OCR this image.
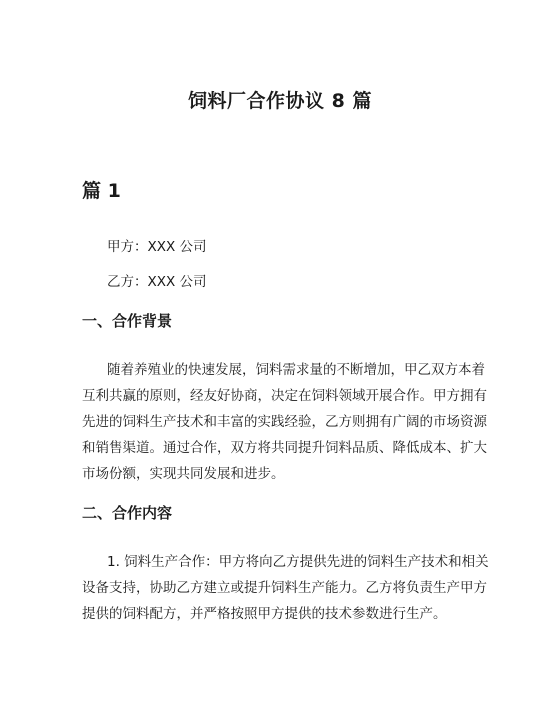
饲料厂合作协议 8 篇
篇 1
甲方：XXX 公司
乙方：XXX 公司
一、合作背景
随着养殖业的快速发展，饲料需求量的不断增加，甲乙双方本着
互利共赢的原则，经友好协商，决定在饲料领域开展合作。甲方拥有
先进的饲料生产技术和丰富的实践经验，乙方则拥有广阔的市场资源
和销售渠道。通过合作，双方将共同提升饲料品质、降低成本、扩大
市场份额，实现共同发展和进步。
二、合作内容
1. 饲料生产合作：甲方将向乙方提供先进的饲料生产技术和相关
设备支持，协助乙方建立或提升饲料生产能力。乙方将负责生产甲方
提供的饲料配方，并严格按照甲方提供的技术参数进行生产。
